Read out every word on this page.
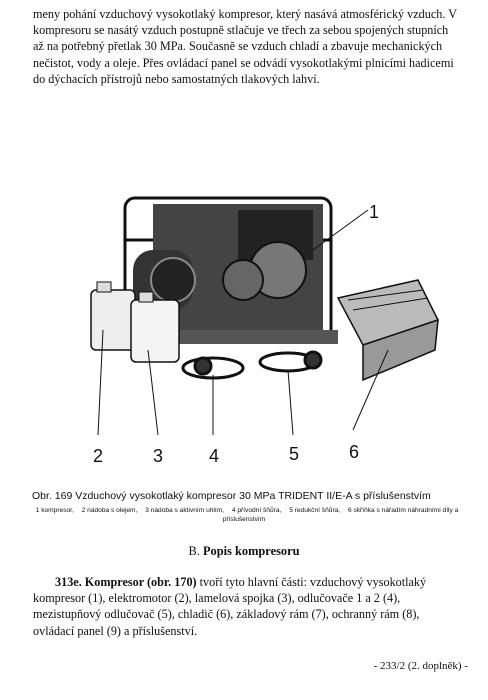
meny pohání vzduchový vysokotlaký kompresor, který nasává atmosférický vzduch. V kompresoru se nasátý vzduch postupně stlačuje ve třech za sebou spojených stupních až na potřebný přetlak 30 MPa. Současně se vzduch chladí a zbavuje mechanických nečistot, vody a oleje. Přes ovládací panel se odvádí vysokotlakými plnicími hadicemi do dýchacích přístrojů nebo samostatných tlakových lahví.

1
2	3	4	5	6
Obr. 169 Vzduchový vysokotlaký kompresor 30 MPa TRIDENT II/E-A s příslušenstvím
1 kompresor, 2 nádoba s olejem, 3 nádoba s aktivním uhlím, 4 přívodní šňůra, 5 redukční šňůra, 6 skříňka s nářadím náhradními díly a příslušenstvím
B. Popis kompresoru

313e. Kompresor (obr. 170) tvoří tyto hlavní části: vzduchový vysokotlaký kompresor (1), elektromotor (2), lamelová spojka (3), odlučovače 1 a 2 (4), mezistupňový odlučovač (5), chladič (6), základový rám (7), ochranný rám (8), ovládací panel (9) a příslušenství.

- 233/2 (2. doplněk) -
